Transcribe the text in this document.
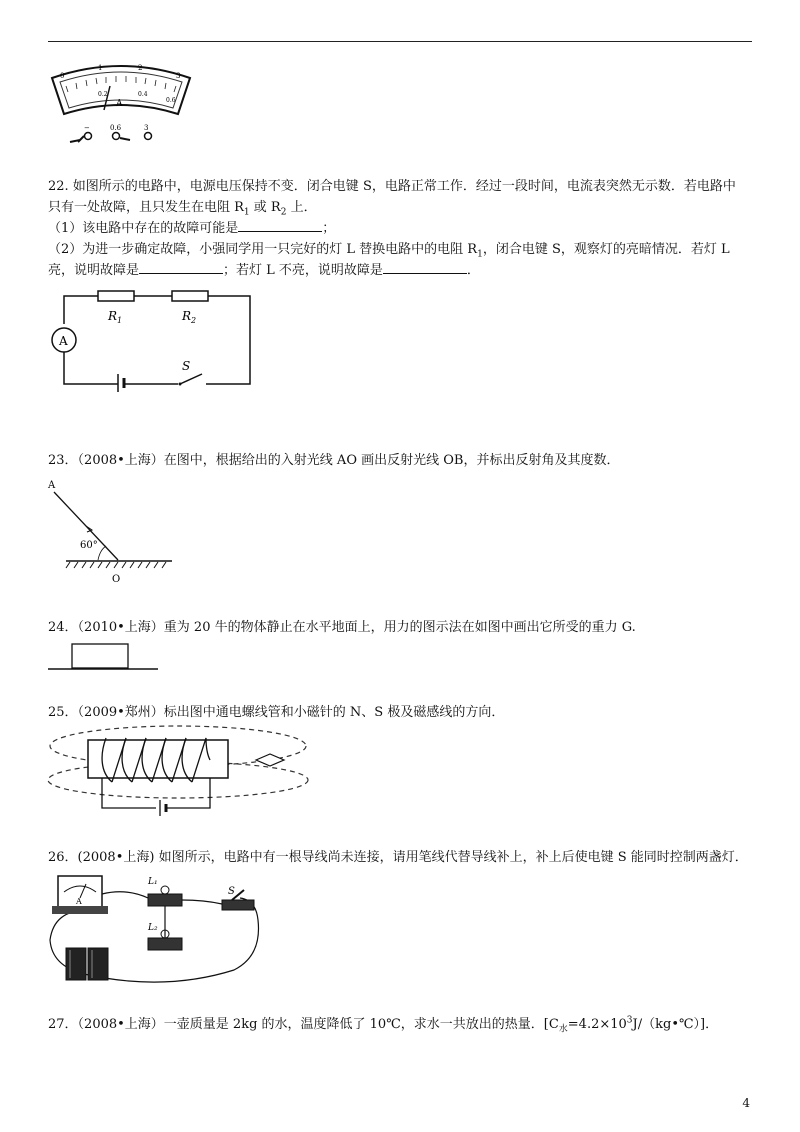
0
1	2
3
0.2	0.4
0.6
A
−	0.6	3

22. 如图所示的电路中，电源电压保持不变．闭合电键 S，电路正常工作．经过一段时间，电流表突然无示数．若电路中

只有一处故障，且只发生在电阻 $R_1$ 或 $R_2$ 上．

（1）该电路中存在的故障可能是	；

（2）为进一步确定故障，小强同学用一只完好的灯 L 替换电路中的电阻 $R_1$，闭合电键 S，观察灯的亮暗情况．若灯 L

亮，说明故障是	；若灯 L 不亮，说明故障是	．

$R_1$	$R_2$
A
S

23．（2008•上海）在图中，根据给出的入射光线 AO 画出反射光线 OB，并标出反射角及其度数．

A
60°
O

24．（2010•上海）重为 20 牛的物体静止在水平地面上，用力的图示法在如图中画出它所受的重力 G.

25．（2009•郑州）标出图中通电螺线管和小磁针的 N、S 极及磁感线的方向．

26．(2008•上海) 如图所示，电路中有一根导线尚未连接，请用笔线代替导线补上，补上后使电键 S 能同时控制两盏灯．

A
L₁
L₂
S

27．（2008•上海）一壶质量是 2kg 的水，温度降低了 10℃，求水一共放出的热量．$[C_水=4.2\times 10^3J/(kg•℃)]$．

4
